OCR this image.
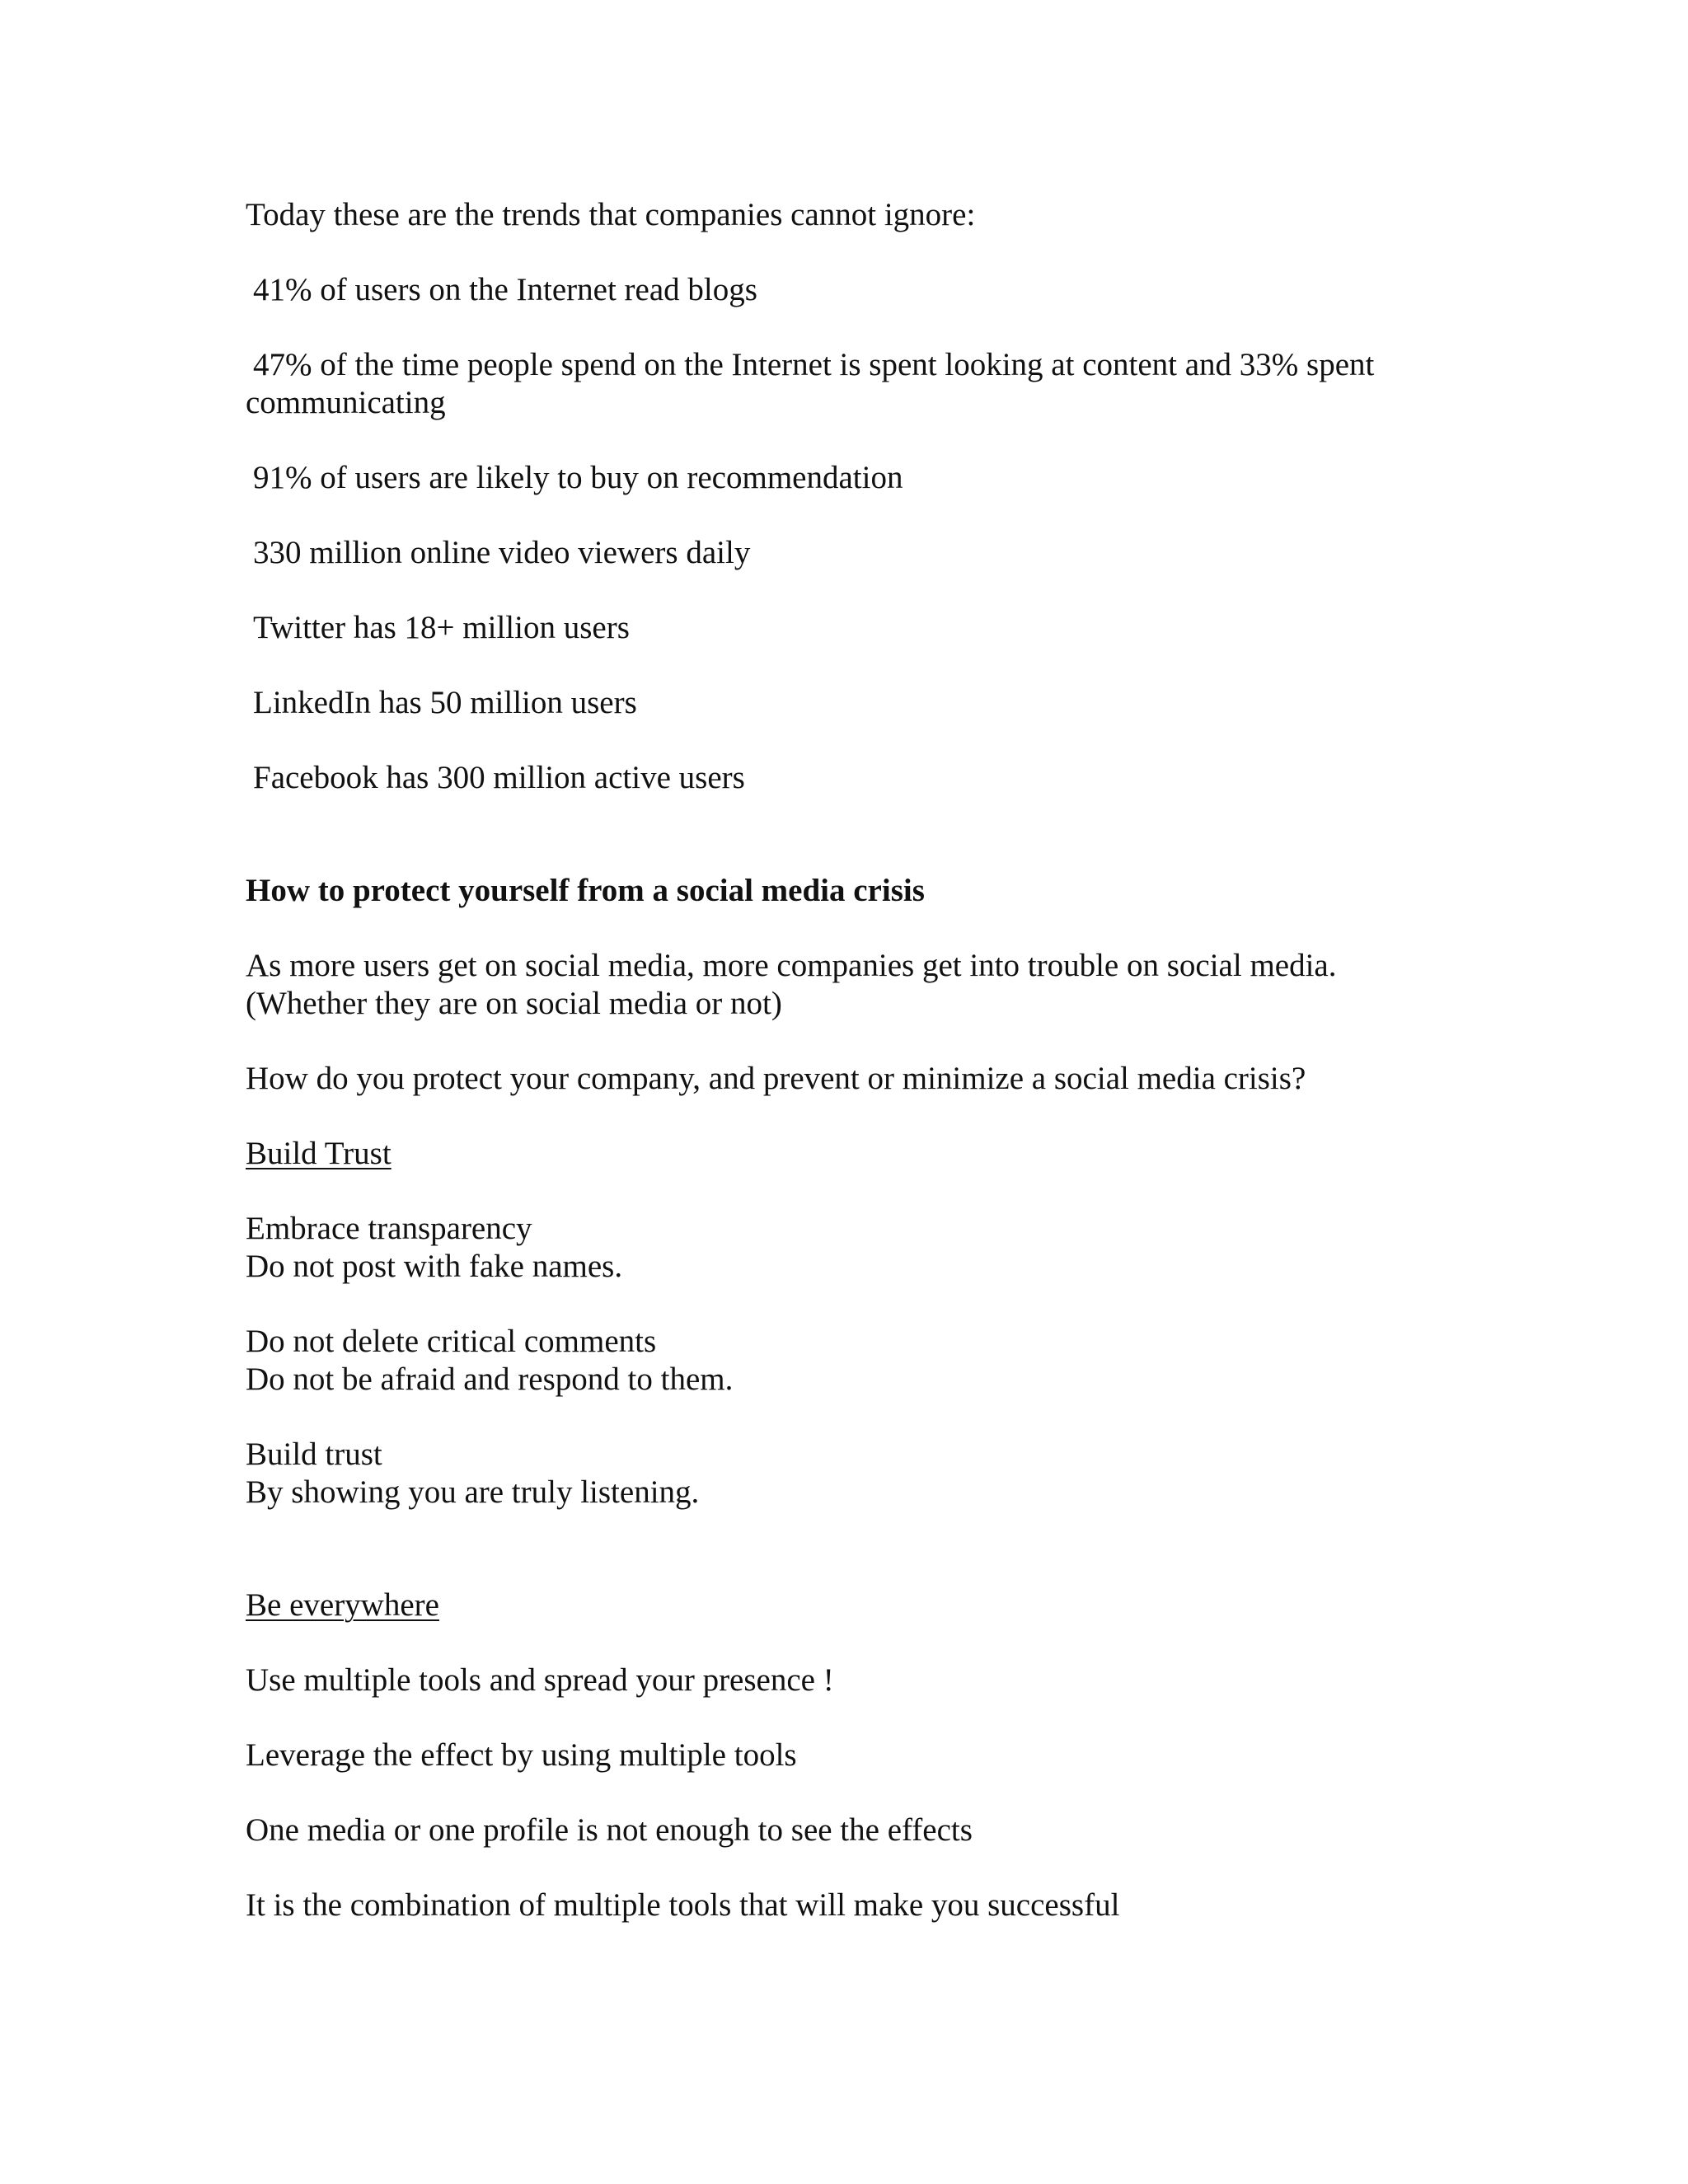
Today these are the trends that companies cannot ignore:

41% of users on the Internet read blogs

47% of the time people spend on the Internet is spent looking at content and 33% spent

communicating

91% of users are likely to buy on recommendation

330 million online video viewers daily

Twitter has 18+ million users

LinkedIn has 50 million users

Facebook has 300 million active users

How to protect yourself from a social media crisis

As more users get on social media, more companies get into trouble on social media.

(Whether they are on social media or not)

How do you protect your company, and prevent or minimize a social media crisis?

Build Trust

Embrace transparency

Do not post with fake names.

Do not delete critical comments

Do not be afraid and respond to them.

Build trust

By showing you are truly listening.

Be everywhere

Use multiple tools and spread your presence !

Leverage the effect by using multiple tools

One media or one profile is not enough to see the effects

It is the combination of multiple tools that will make you successful
